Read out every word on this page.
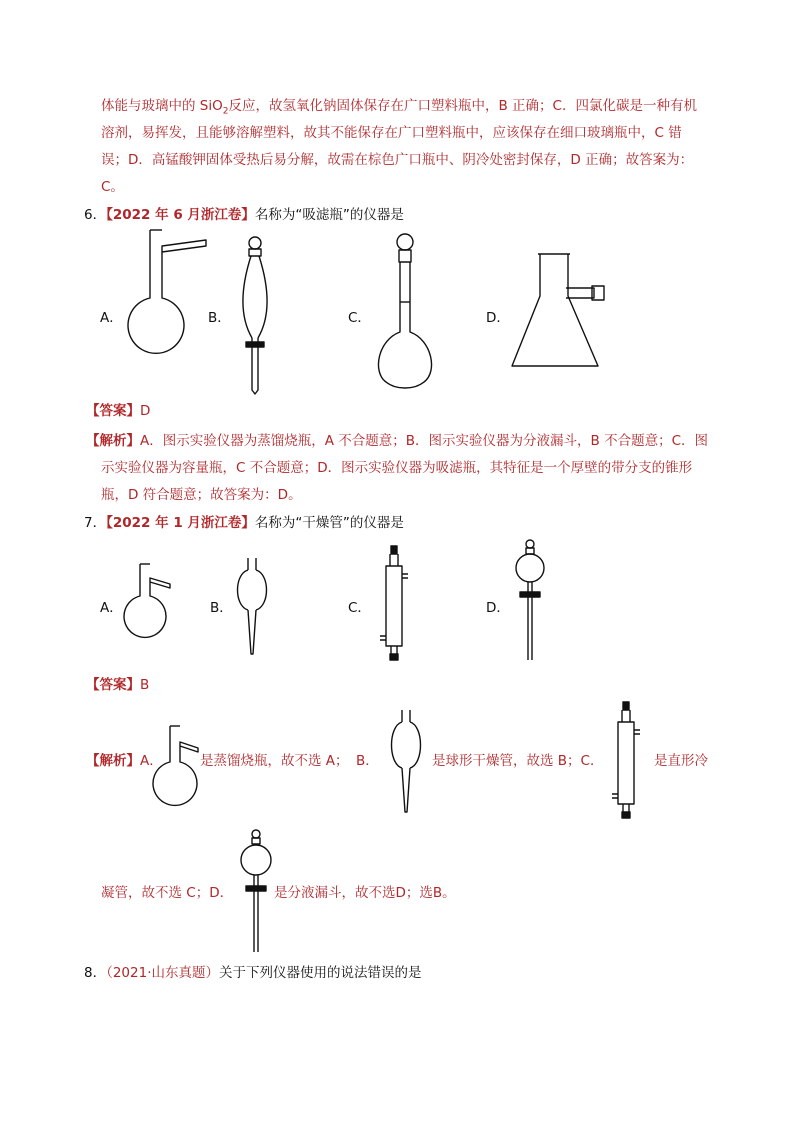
体能与玻璃中的 SiO$_2$反应，故氢氧化钠固体保存在广口塑料瓶中，B 正确；C．四氯化碳是一种有机
溶剂，易挥发，且能够溶解塑料，故其不能保存在广口塑料瓶中，应该保存在细口玻璃瓶中，C 错
误；D．高锰酸钾固体受热后易分解，故需在棕色广口瓶中、阴冷处密封保存，D 正确；故答案为：
C。
6．【2022 年 6 月浙江卷】名称为“吸滤瓶”的仪器是
A．	B．	C．	D．
【答案】D
【解析】A．图示实验仪器为蒸馏烧瓶，A 不合题意；B．图示实验仪器为分液漏斗，B 不合题意；C．图
示实验仪器为容量瓶，C 不合题意；D．图示实验仪器为吸滤瓶，其特征是一个厚壁的带分支的锥形
瓶，D 符合题意；故答案为：D。
7．【2022 年 1 月浙江卷】名称为“干燥管”的仪器是
A．	B．	C．	D．
【答案】B
【解析】A．	是蒸馏烧瓶，故不选 A； B．	是球形干燥管，故选 B；C．	是直形冷
凝管，故不选 C；D．	是分液漏斗，故不选D；选B。
8．（2021·山东真题）关于下列仪器使用的说法错误的是
